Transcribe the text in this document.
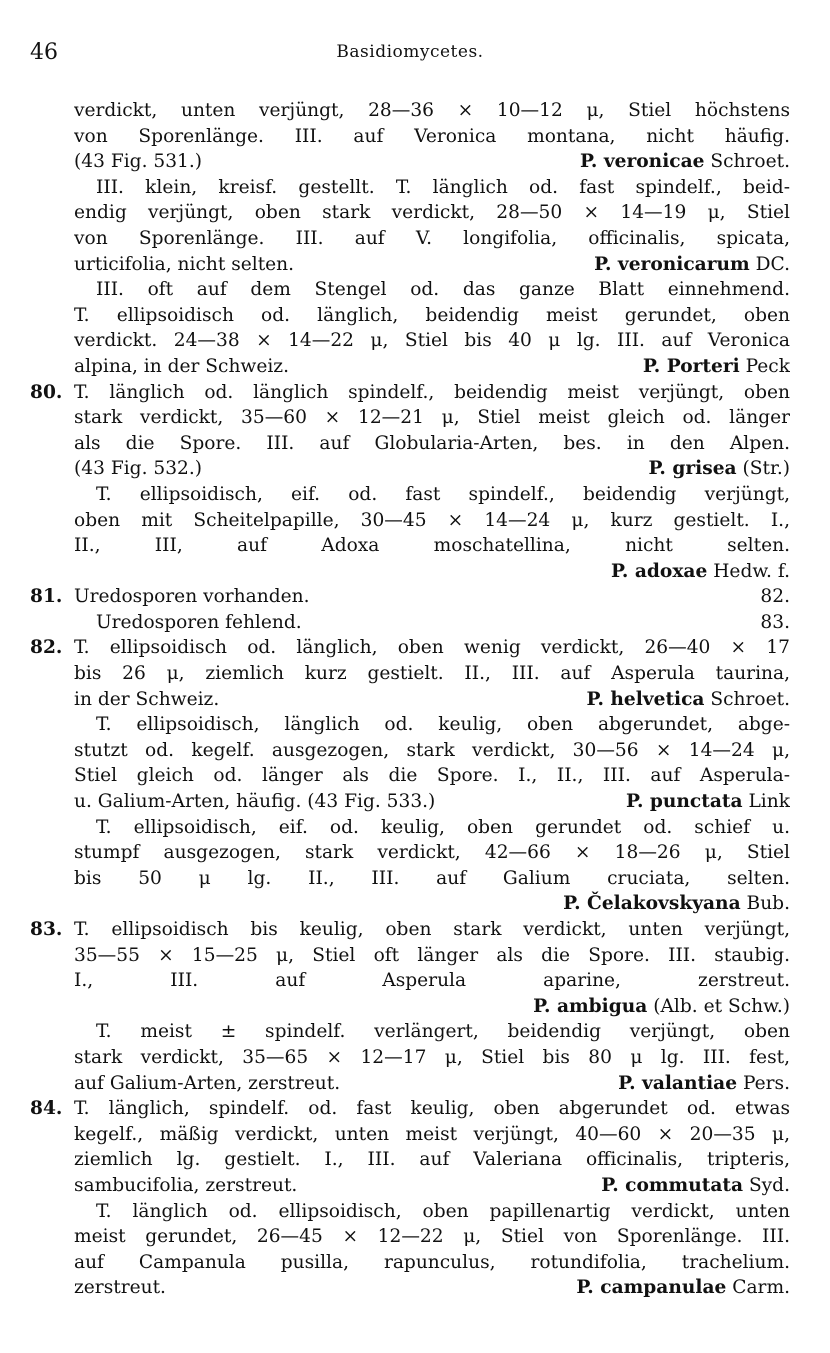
46	Basidiomycetes.
verdickt, unten verjüngt, 28—36 × 10—12 μ, Stiel höchstens
von Sporenlänge. III. auf Veronica montana, nicht häufig.
(43 Fig. 531.)	P. veronicae Schroet.
III. klein, kreisf. gestellt. T. länglich od. fast spindelf., beid-
endig verjüngt, oben stark verdickt, 28—50 × 14—19 μ, Stiel
von Sporenlänge. III. auf V. longifolia, officinalis, spicata,
urticifolia, nicht selten.	P. veronicarum DC.
III. oft auf dem Stengel od. das ganze Blatt einnehmend.
T. ellipsoidisch od. länglich, beidendig meist gerundet, oben
verdickt. 24—38 × 14—22 μ, Stiel bis 40 μ lg. III. auf Veronica
alpina, in der Schweiz.	P. Porteri Peck
80. T. länglich od. länglich spindelf., beidendig meist verjüngt, oben
stark verdickt, 35—60 × 12—21 μ, Stiel meist gleich od. länger
als die Spore. III. auf Globularia-Arten, bes. in den Alpen.
(43 Fig. 532.)	P. grisea (Str.)
T. ellipsoidisch, eif. od. fast spindelf., beidendig verjüngt,
oben mit Scheitelpapille, 30—45 × 14—24 μ, kurz gestielt. I.,
II., III, auf Adoxa moschatellina, nicht selten.
P. adoxae Hedw. f.
81. Uredosporen vorhanden.	82.
Uredosporen fehlend.	83.
82. T. ellipsoidisch od. länglich, oben wenig verdickt, 26—40 × 17
bis 26 μ, ziemlich kurz gestielt. II., III. auf Asperula taurina,
in der Schweiz.	P. helvetica Schroet.
T. ellipsoidisch, länglich od. keulig, oben abgerundet, abge-
stutzt od. kegelf. ausgezogen, stark verdickt, 30—56 × 14—24 μ,
Stiel gleich od. länger als die Spore. I., II., III. auf Asperula-
u. Galium-Arten, häufig. (43 Fig. 533.)	P. punctata Link
T. ellipsoidisch, eif. od. keulig, oben gerundet od. schief u.
stumpf ausgezogen, stark verdickt, 42—66 × 18—26 μ, Stiel
bis 50 μ lg. II., III. auf Galium cruciata, selten.
P. Čelakovskyana Bub.
83. T. ellipsoidisch bis keulig, oben stark verdickt, unten verjüngt,
35—55 × 15—25 μ, Stiel oft länger als die Spore. III. staubig.
I., III. auf Asperula aparine, zerstreut.
P. ambigua (Alb. et Schw.)
T. meist ± spindelf. verlängert, beidendig verjüngt, oben
stark verdickt, 35—65 × 12—17 μ, Stiel bis 80 μ lg. III. fest,
auf Galium-Arten, zerstreut.	P. valantiae Pers.
84. T. länglich, spindelf. od. fast keulig, oben abgerundet od. etwas
kegelf., mäßig verdickt, unten meist verjüngt, 40—60 × 20—35 μ,
ziemlich lg. gestielt. I., III. auf Valeriana officinalis, tripteris,
sambucifolia, zerstreut.	P. commutata Syd.
T. länglich od. ellipsoidisch, oben papillenartig verdickt, unten
meist gerundet, 26—45 × 12—22 μ, Stiel von Sporenlänge. III.
auf Campanula pusilla, rapunculus, rotundifolia, trachelium.
zerstreut.	P. campanulae Carm.
